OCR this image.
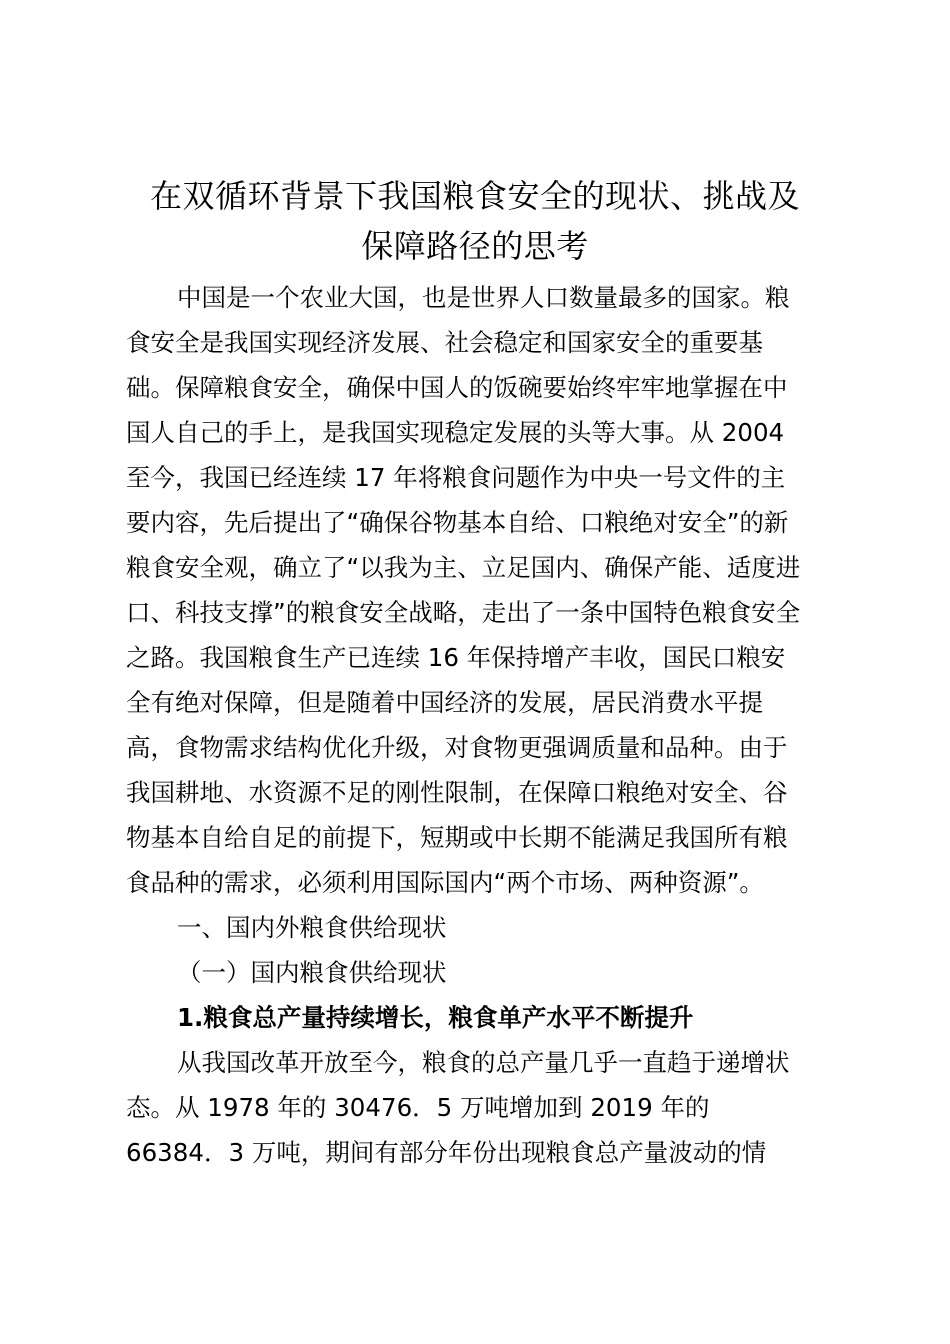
在双循环背景下我国粮食安全的现状、挑战及
保障路径的思考
中国是一个农业大国，也是世界人口数量最多的国家。粮
食安全是我国实现经济发展、社会稳定和国家安全的重要基
础。保障粮食安全，确保中国人的饭碗要始终牢牢地掌握在中
国人自己的手上，是我国实现稳定发展的头等大事。从 2004
至今，我国已经连续 17 年将粮食问题作为中央一号文件的主
要内容，先后提出了“确保谷物基本自给、口粮绝对安全”的新
粮食安全观，确立了“以我为主、立足国内、确保产能、适度进
口、科技支撑”的粮食安全战略，走出了一条中国特色粮食安全
之路。我国粮食生产已连续 16 年保持增产丰收，国民口粮安
全有绝对保障，但是随着中国经济的发展，居民消费水平提
高，食物需求结构优化升级，对食物更强调质量和品种。由于
我国耕地、水资源不足的刚性限制，在保障口粮绝对安全、谷
物基本自给自足的前提下，短期或中长期不能满足我国所有粮
食品种的需求，必须利用国际国内“两个市场、两种资源”。
一、国内外粮食供给现状
（一）国内粮食供给现状
1.粮食总产量持续增长，粮食单产水平不断提升
从我国改革开放至今，粮食的总产量几乎一直趋于递增状
态。从 1978 年的 30476．5 万吨增加到 2019 年的
66384．3 万吨，期间有部分年份出现粮食总产量波动的情
